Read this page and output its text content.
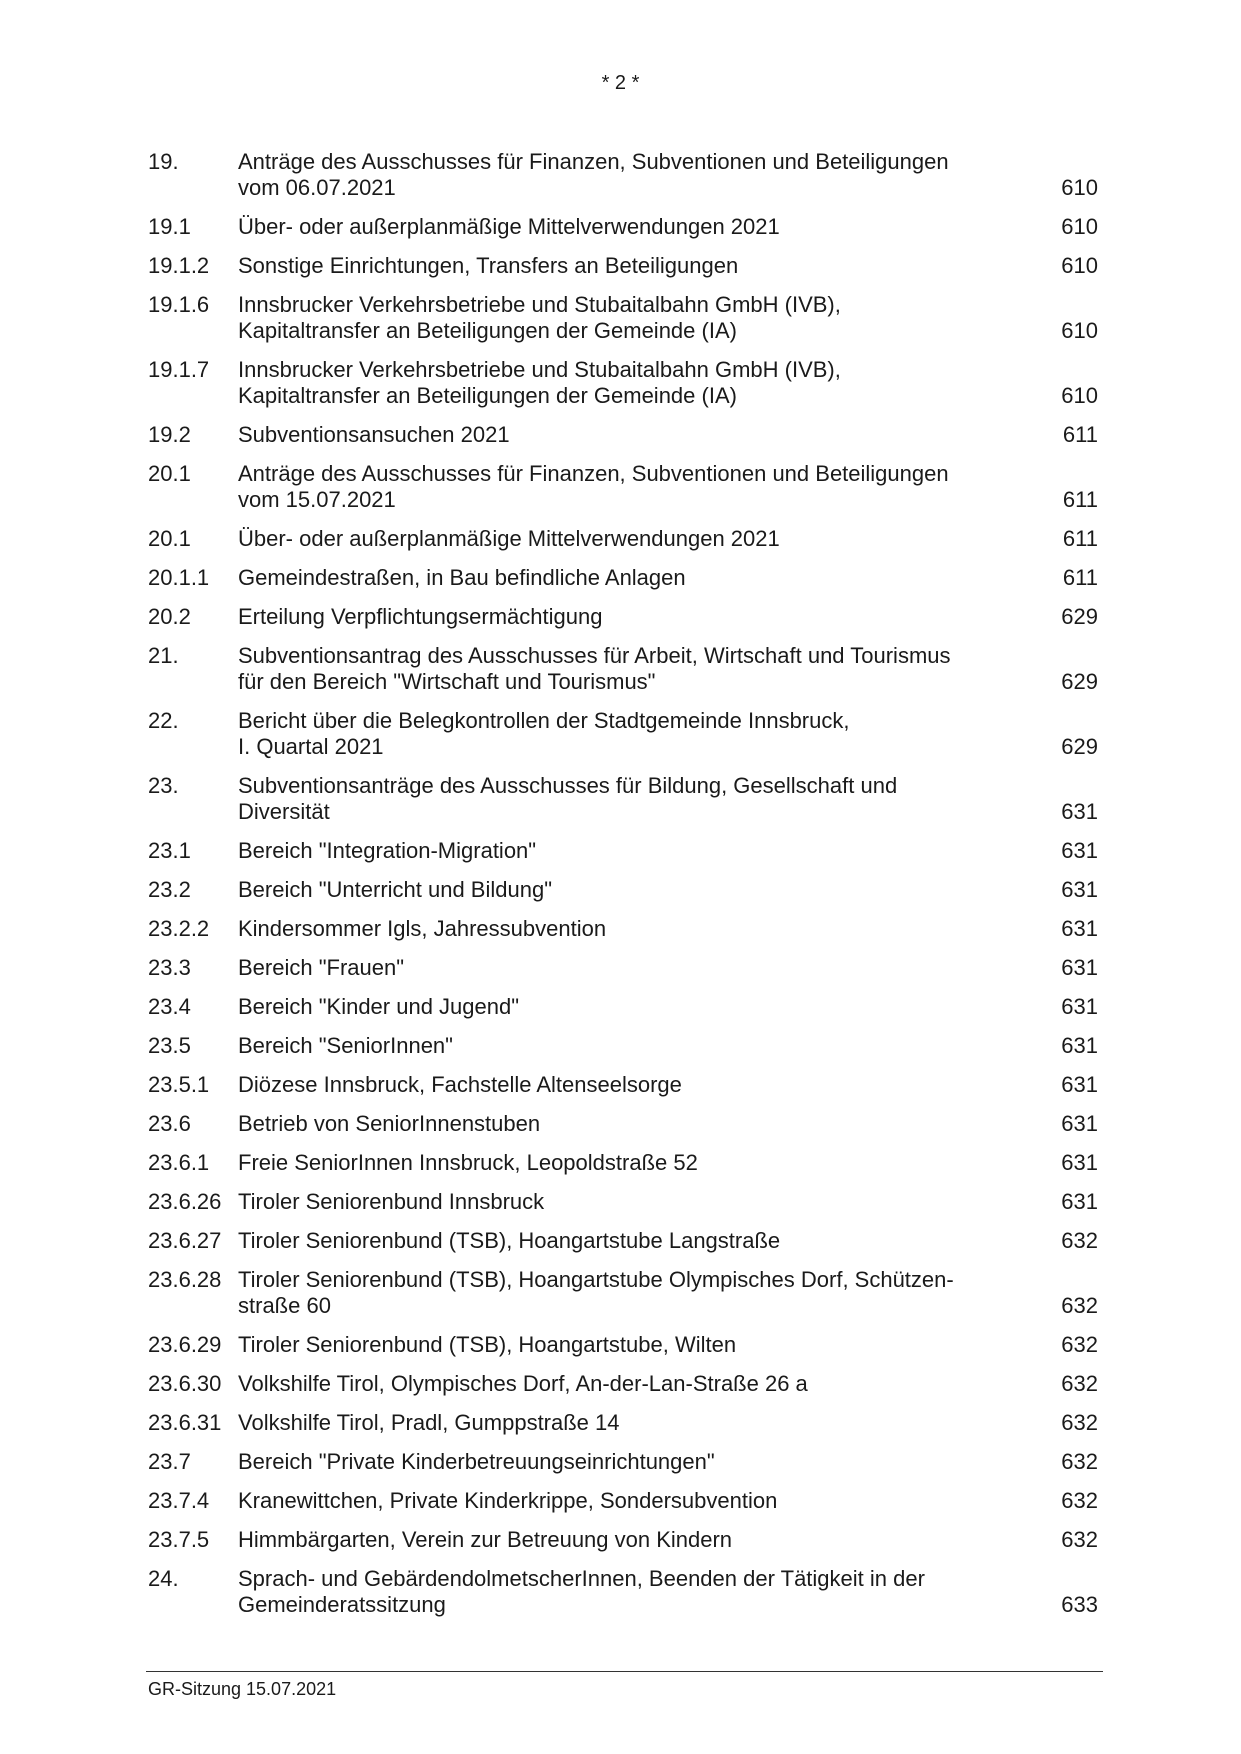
* 2 *
19.	Anträge des Ausschusses für Finanzen, Subventionen und Beteiligungen
vom 06.07.2021	610
19.1	Über- oder außerplanmäßige Mittelverwendungen 2021	610
19.1.2	Sonstige Einrichtungen, Transfers an Beteiligungen	610
19.1.6	Innsbrucker Verkehrsbetriebe und Stubaitalbahn GmbH (IVB),
Kapitaltransfer an Beteiligungen der Gemeinde (IA)	610
19.1.7	Innsbrucker Verkehrsbetriebe und Stubaitalbahn GmbH (IVB),
Kapitaltransfer an Beteiligungen der Gemeinde (IA)	610
19.2	Subventionsansuchen 2021	611
20.1	Anträge des Ausschusses für Finanzen, Subventionen und Beteiligungen
vom 15.07.2021	611
20.1	Über- oder außerplanmäßige Mittelverwendungen 2021	611
20.1.1	Gemeindestraßen, in Bau befindliche Anlagen	611
20.2	Erteilung Verpflichtungsermächtigung	629
21.	Subventionsantrag des Ausschusses für Arbeit, Wirtschaft und Tourismus
für den Bereich "Wirtschaft und Tourismus"	629
22.	Bericht über die Belegkontrollen der Stadtgemeinde Innsbruck,
I. Quartal 2021	629
23.	Subventionsanträge des Ausschusses für Bildung, Gesellschaft und
Diversität	631
23.1	Bereich "Integration-Migration"	631
23.2	Bereich "Unterricht und Bildung"	631
23.2.2	Kindersommer Igls, Jahressubvention	631
23.3	Bereich "Frauen"	631
23.4	Bereich "Kinder und Jugend"	631
23.5	Bereich "SeniorInnen"	631
23.5.1	Diözese Innsbruck, Fachstelle Altenseelsorge	631
23.6	Betrieb von SeniorInnenstuben	631
23.6.1	Freie SeniorInnen Innsbruck, Leopoldstraße 52	631
23.6.26 Tiroler Seniorenbund Innsbruck	631
23.6.27 Tiroler Seniorenbund (TSB), Hoangartstube Langstraße	632
23.6.28 Tiroler Seniorenbund (TSB), Hoangartstube Olympisches Dorf, Schützen-
straße 60	632
23.6.29 Tiroler Seniorenbund (TSB), Hoangartstube, Wilten	632
23.6.30 Volkshilfe Tirol, Olympisches Dorf, An-der-Lan-Straße 26 a	632
23.6.31 Volkshilfe Tirol, Pradl, Gumppstraße 14	632
23.7	Bereich "Private Kinderbetreuungseinrichtungen"	632
23.7.4	Kranewittchen, Private Kinderkrippe, Sondersubvention	632
23.7.5	Himmbärgarten, Verein zur Betreuung von Kindern	632
24.	Sprach- und GebärdendolmetscherInnen, Beenden der Tätigkeit in der
Gemeinderatssitzung	633
GR-Sitzung 15.07.2021
